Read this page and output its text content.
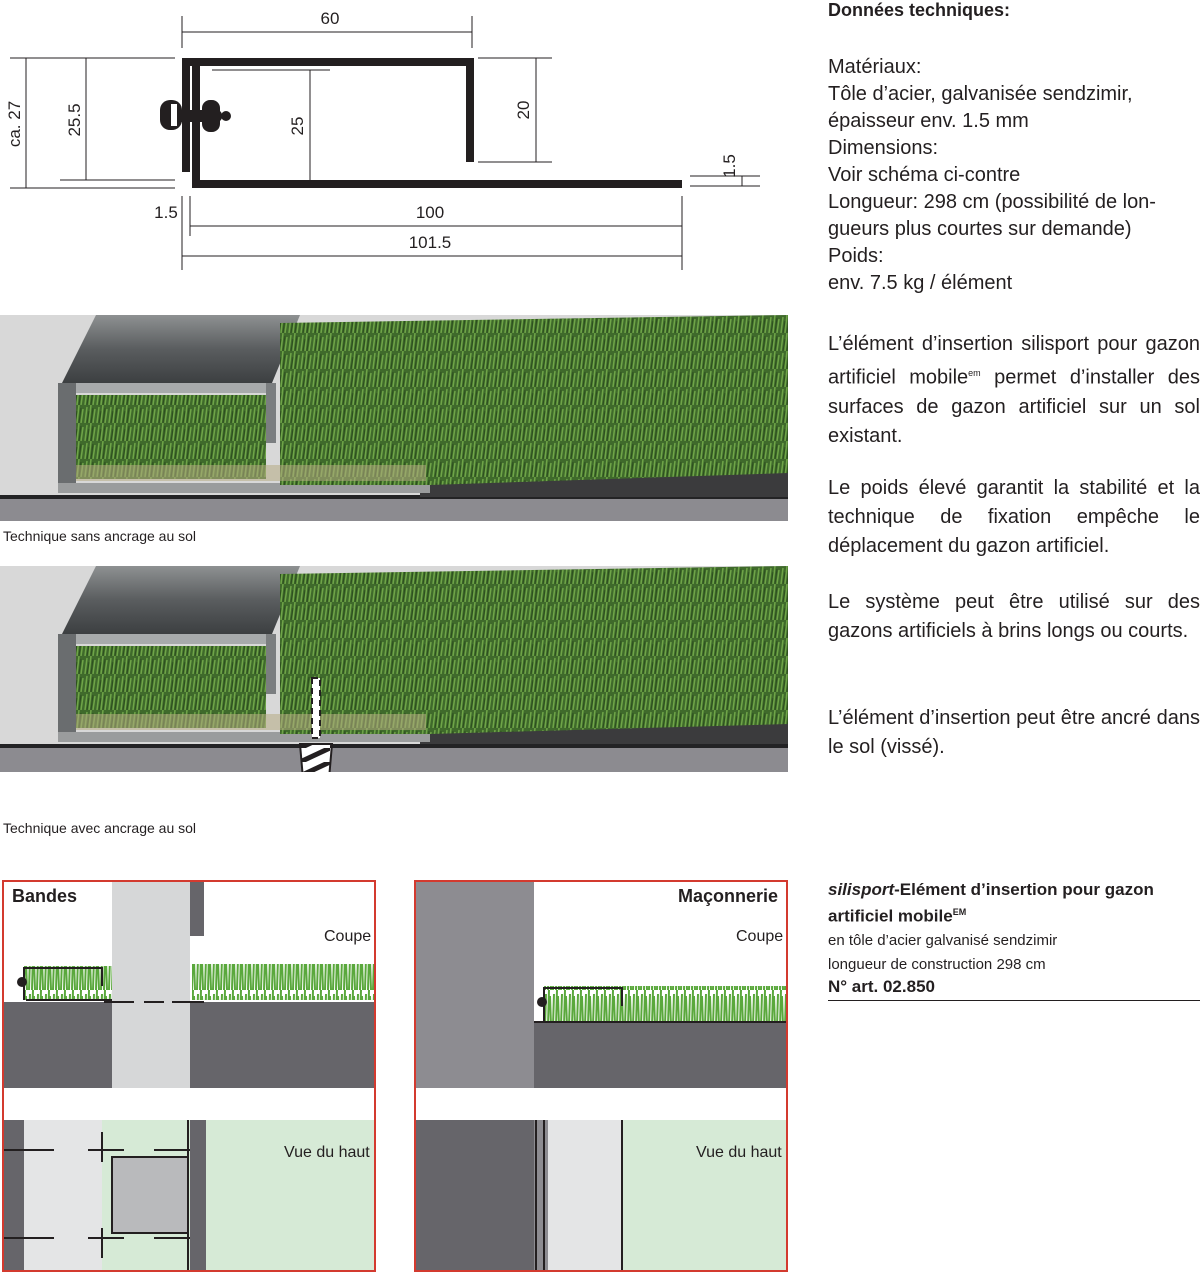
60
ca. 27 25.5	25
20
1.5
1.5	100
101.5
Technique sans ancrage au sol
Technique avec ancrage au sol
Données techniques:
Matériaux:
Tôle d’acier, galvanisée sendzimir,
épaisseur env. 1.5 mm
Dimensions:
Voir schéma ci-contre
Longueur: 298 cm (possibilité de lon-
gueurs plus courtes sur demande)
Poids:
env. 7.5 kg / élément
L’élément d’insertion silisport pour gazon artificiel mobile$^{em}$ permet d’installer des surfaces de gazon artificiel sur un sol existant.
Le poids élevé garantit la stabilité et la technique de fixation empêche le déplacement du gazon artificiel.
Le système peut être utilisé sur des gazons artificiels à brins longs ou courts.
L’élément d’insertion peut être ancré dans le sol (vissé).
silisport-Elément d’insertion pour gazon artificiel mobile$^{EM}$
en tôle d’acier galvanisé sendzimir
longueur de construction 298 cm
N° art. 02.850
Bandes
Coupe
Vue du haut
Maçonnerie
Coupe
Vue du haut
